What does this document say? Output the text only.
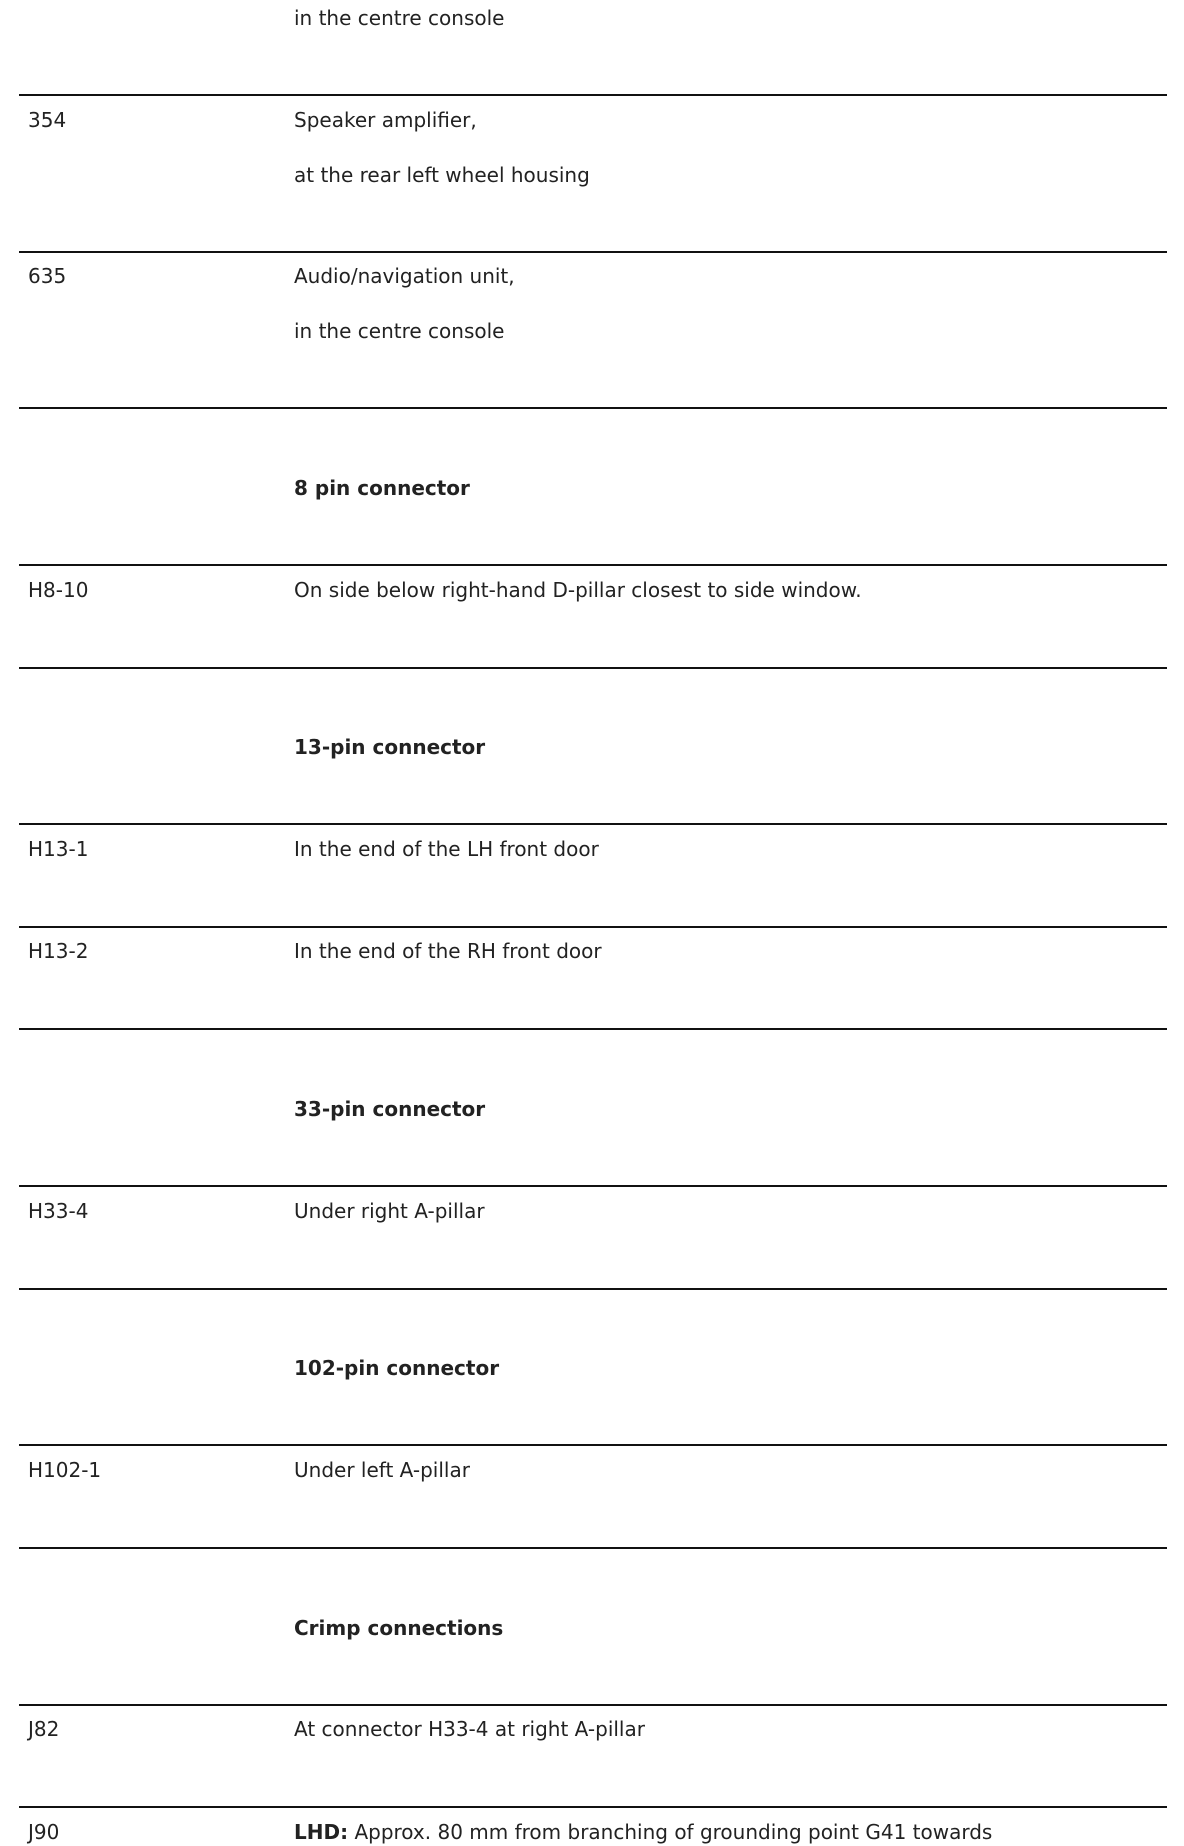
in the centre console
354	Speaker amplifier,
at the rear left wheel housing
635	Audio/navigation unit,
in the centre console
8 pin connector
H8-10	On side below right-hand D-pillar closest to side window.
13-pin connector
H13-1	In the end of the LH front door
H13-2	In the end of the RH front door
33-pin connector
H33-4	Under right A-pillar
102-pin connector
H102-1	Under left A-pillar
Crimp connections
J82	At connector H33-4 at right A-pillar
J90	LHD: Approx. 80 mm from branching of grounding point G41 towards
